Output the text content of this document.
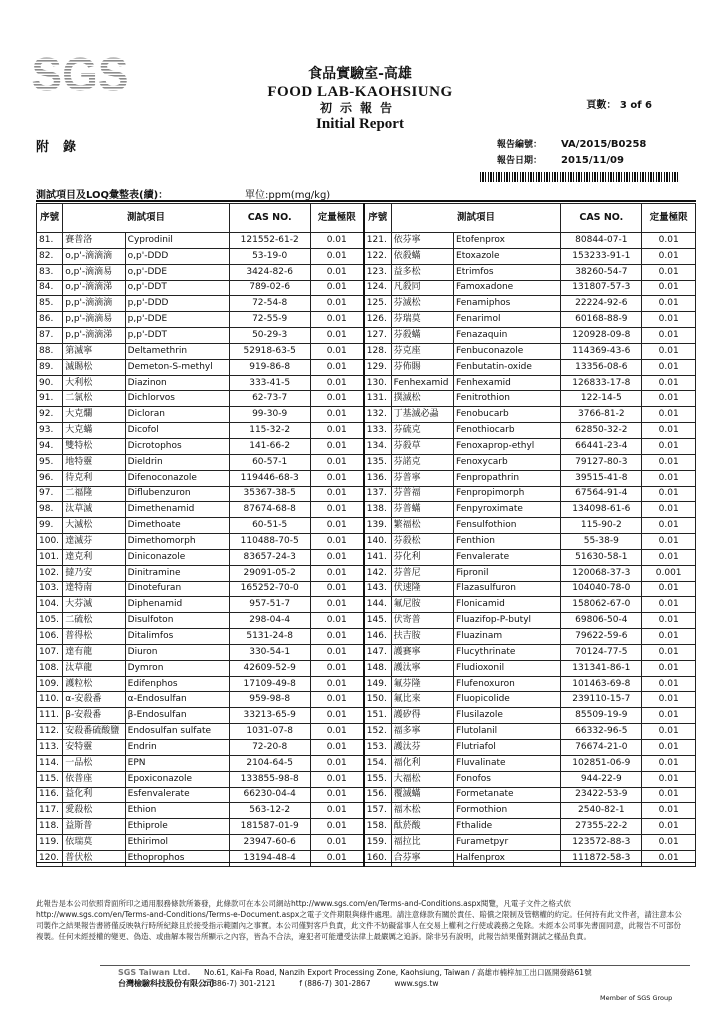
SGS	食品實驗室-高雄
FOOD LAB-KAOHSIUNG
初示報告
Initial Report
頁數： 3 of 6
附錄	報告編號： VA/2015/B0258
報告日期： 2015/11/09
測試項目及LOQ彙整表(續)：	單位:ppm(mg/kg)
序號	測試項目		CAS NO.	定量極限	序號	測試項目		CAS NO.	定量極限
81.	賽普洛	Cyprodinil	121552-61-2	0.01	121.	依芬寧	Etofenprox	80844-07-1	0.01
82.	o,p'-滴滴滴	o,p'-DDD	53-19-0	0.01	122.	依殺蟎	Etoxazole	153233-91-1	0.01
83.	o,p'-滴滴易	o,p'-DDE	3424-82-6	0.01	123.	益多松	Etrimfos	38260-54-7	0.01
84.	o,p'-滴滴涕	o,p'-DDT	789-02-6	0.01	124.	凡殺同	Famoxadone	131807-57-3	0.01
85.	p,p'-滴滴滴	p,p'-DDD	72-54-8	0.01	125.	芬滅松	Fenamiphos	22224-92-6	0.01
86.	p,p'-滴滴易	p,p'-DDE	72-55-9	0.01	126.	芬瑞莫	Fenarimol	60168-88-9	0.01
87.	p,p'-滴滴涕	p,p'-DDT	50-29-3	0.01	127.	芬殺蟎	Fenazaquin	120928-09-8	0.01
88.	第滅寧	Deltamethrin	52918-63-5	0.01	128.	芬克座	Fenbuconazole	114369-43-6	0.01
89.	滅賜松	Demeton-S-methyl	919-86-8	0.01	129.	芬佈賜	Fenbutatin-oxide	13356-08-6	0.01
90.	大利松	Diazinon	333-41-5	0.01	130.	Fenhexamid	Fenhexamid	126833-17-8	0.01
91.	二氯松	Dichlorvos	62-73-7	0.01	131.	撲滅松	Fenitrothion	122-14-5	0.01
92.	大克爛	Dicloran	99-30-9	0.01	132.	丁基滅必蝨	Fenobucarb	3766-81-2	0.01
93.	大克蟎	Dicofol	115-32-2	0.01	133.	芬硫克	Fenothiocarb	62850-32-2	0.01
94.	雙特松	Dicrotophos	141-66-2	0.01	134.	芬殺草	Fenoxaprop-ethyl	66441-23-4	0.01
95.	地特靈	Dieldrin	60-57-1	0.01	135.	芬諾克	Fenoxycarb	79127-80-3	0.01
96.	待克利	Difenoconazole	119446-68-3	0.01	136.	芬普寧	Fenpropathrin	39515-41-8	0.01
97.	二福隆	Diflubenzuron	35367-38-5	0.01	137.	芬普福	Fenpropimorph	67564-91-4	0.01
98.	汰草滅	Dimethenamid	87674-68-8	0.01	138.	芬普蟎	Fenpyroximate	134098-61-6	0.01
99.	大滅松	Dimethoate	60-51-5	0.01	139.	繁福松	Fensulfothion	115-90-2	0.01
100.	達滅芬	Dimethomorph	110488-70-5	0.01	140.	芬殺松	Fenthion	55-38-9	0.01
101.	達克利	Diniconazole	83657-24-3	0.01	141.	芬化利	Fenvalerate	51630-58-1	0.01
102.	撻乃安	Dinitramine	29091-05-2	0.01	142.	芬普尼	Fipronil	120068-37-3	0.001
103.	達特南	Dinotefuran	165252-70-0	0.01	143.	伏速隆	Flazasulfuron	104040-78-0	0.01
104.	大芬滅	Diphenamid	957-51-7	0.01	144.	氟尼胺	Flonicamid	158062-67-0	0.01
105.	二硫松	Disulfoton	298-04-4	0.01	145.	伏寄普	Fluazifop-P-butyl	69806-50-4	0.01
106.	普得松	Ditalimfos	5131-24-8	0.01	146.	扶吉胺	Fluazinam	79622-59-6	0.01
107.	達有龍	Diuron	330-54-1	0.01	147.	護賽寧	Flucythrinate	70124-77-5	0.01
108.	汰草龍	Dymron	42609-52-9	0.01	148.	護汰寧	Fludioxonil	131341-86-1	0.01
109.	護粒松	Edifenphos	17109-49-8	0.01	149.	氟芬隆	Flufenoxuron	101463-69-8	0.01
110.	α-安殺番	α-Endosulfan	959-98-8	0.01	150.	氟比來	Fluopicolide	239110-15-7	0.01
111.	β-安殺番	β-Endosulfan	33213-65-9	0.01	151.	護矽得	Flusilazole	85509-19-9	0.01
112.	安殺番硫酸鹽	Endosulfan sulfate	1031-07-8	0.01	152.	福多寧	Flutolanil	66332-96-5	0.01
113.	安特靈	Endrin	72-20-8	0.01	153.	護汰芬	Flutriafol	76674-21-0	0.01
114.	一品松	EPN	2104-64-5	0.01	154.	福化利	Fluvalinate	102851-06-9	0.01
115.	依普座	Epoxiconazole	133855-98-8	0.01	155.	大福松	Fonofos	944-22-9	0.01
116.	益化利	Esfenvalerate	66230-04-4	0.01	156.	覆滅蟎	Formetanate	23422-53-9	0.01
117.	愛殺松	Ethion	563-12-2	0.01	157.	福木松	Formothion	2540-82-1	0.01
118.	益斯普	Ethiprole	181587-01-9	0.01	158.	酞菸酸	Fthalide	27355-22-2	0.01
119.	依瑞莫	Ethirimol	23947-60-6	0.01	159.	福拉比	Furametpyr	123572-88-3	0.01
120.	普伏松	Ethoprophos	13194-48-4	0.01	160.	合芬寧	Halfenprox	111872-58-3	0.01
此報告是本公司依照背面所印之通用服務條款所簽發，此條款可在本公司網站http://www.sgs.com/en/Terms-and-Conditions.aspx閱覽，凡電子文件之格式依http://www.sgs.com/en/Terms-and-Conditions/Terms-e-Document.aspx之電子文件期限與條件處理。請注意條款有關於責任、賠償之限制及管轄權的約定。任何持有此文件者，請注意本公司製作之結果報告書將僅反映執行時所紀錄且於接受指示範圍內之事實。本公司僅對客戶負責，此文件不妨礙當事人在交易上權利之行使或義務之免除。未經本公司事先書面同意，此報告不可部份複製。任何未經授權的變更、偽造、或曲解本報告所顯示之內容，皆為不合法，違犯者可能遭受法律上最嚴厲之追訴。除非另有說明，此報告結果僅對測試之樣品負責。
SGS Taiwan Ltd.
台灣檢驗科技股份有限公司
No.61, Kai-Fa Road, Nanzih Export Processing Zone, Kaohsiung, Taiwan / 高雄市楠梓加工出口區開發路61號
t (886-7) 301-2121	f (886-7) 301-2867	www.sgs.tw
Member of SGS Group
